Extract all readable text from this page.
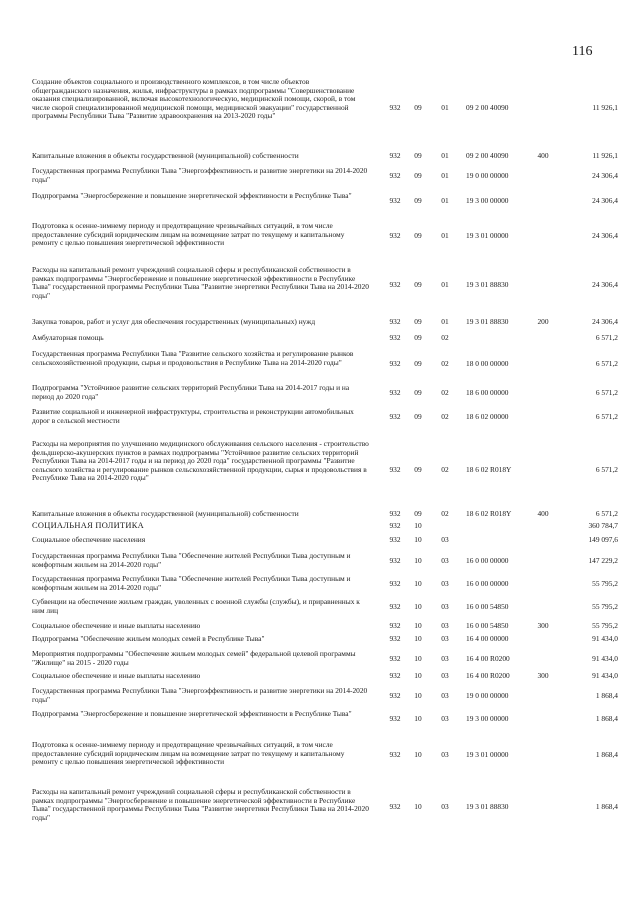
116
Создание объектов социального и производственного комплексов, в том числе объектов общегражданского назначения, жилья, инфраструктуры в рамках подпрограммы "Совершенствование оказания специализированной, включая высокотехнологическую, медицинской помощи, скорой, в том числе скорой специализированной медицинской помощи, медицинской эвакуации" государственной программы Республики Тыва "Развитие здравоохранения на 2013-2020 годы"
932	09	01	09 2 00 40090	11 926,1
Капитальные вложения в объекты государственной (муниципальной) собственности	932	09	01	09 2 00 40090	400	11 926,1
Государственная программа Республики Тыва "Энергоэффективность и развитие энергетики на 2014-2020 годы"	932	09	01	19 0 00 00000	24 306,4
Подпрограмма "Энергосбережение и повышение энергетической эффективности в Республике Тыва"
932	09	01	19 3 00 00000	24 306,4
Подготовка к осенне-зимнему периоду и предотвращение чрезвычайных ситуаций, в том числе предоставление субсидий юридическим лицам на возмещение затрат по текущему и капитальному ремонту с целью повышения энергетической эффективности
932	09	01	19 3 01 00000	24 306,4
Расходы на капитальный ремонт учреждений социальной сферы и республиканской собственности в рамках подпрограммы "Энергосбережение и повышение энергетической эффективности в Республике Тыва" государственной программы Республики Тыва "Развитие энергетики Республики Тыва на 2014-2020 годы"
932	09	01	19 3 01 88830	24 306,4
Закупка товаров, работ и услуг для обеспечения государственных (муниципальных) нужд	932	09	01	19 3 01 88830	200	24 306,4
Амбулаторная помощь	932	09	02	6 571,2
Государственная программа Республики Тыва "Развитие сельского хозяйства и регулирование рынков сельскохозяйственной продукции, сырья и продовольствия в Республике Тыва на 2014-2020 годы"	932	09	02	18 0 00 00000	6 571,2
Подпрограмма "Устойчивое развитие сельских территорий Республики Тыва на 2014-2017 годы и на период до 2020 года"	932	09	02	18 6 00 00000	6 571,2
Развитие социальной и инженерной инфраструктуры, строительства и реконструкции автомобильных дорог в сельской местности	932	09	02	18 6 02 00000	6 571,2
Расходы на мероприятия по улучшению медицинского обслуживания сельского населения - строительство фельдшерско-акушерских пунктов в рамках подпрограммы "Устойчивое развитие сельских территорий Республики Тыва на 2014-2017 годы и на период до 2020 года" государственной программы "Развитие сельского хозяйства и регулирование рынков сельскохозяйственной продукции, сырья и продовольствия в Республике Тыва на 2014-2020 годы"
932	09	02	18 6 02 R018Y	6 571,2
Капитальные вложения в объекты государственной (муниципальной) собственности	932	09	02	18 6 02 R018Y	400	6 571,2
СОЦИАЛЬНАЯ ПОЛИТИКА	932	10	360 784,7
Социальное обеспечение населения	932	10	03	149 097,6
Государственная программа Республики Тыва "Обеспечение жителей Республики Тыва доступным и комфортным жильем на 2014-2020 годы"	932	10	03	16 0 00 00000	147 229,2
Государственная программа Республики Тыва "Обеспечение жителей Республики Тыва доступным и комфортным жильем на 2014-2020 годы"	932	10	03	16 0 00 00000	55 795,2
Субвенции на обеспечение жильем граждан, уволенных с военной службы (службы), и приравненных к ним лиц	932	10	03	16 0 00 54850	55 795,2
Социальное обеспечение и иные выплаты населению	932	10	03	16 0 00 54850	300	55 795,2
Подпрограмма "Обеспечение жильем молодых семей в Республике Тыва"	932	10	03	16 4 00 00000	91 434,0
Мероприятия подпрограммы "Обеспечение жильем молодых семей" федеральной целевой программы "Жилище" на 2015 - 2020 годы	932	10	03	16 4 00 R0200	91 434,0
Социальное обеспечение и иные выплаты населению	932	10	03	16 4 00 R0200	300	91 434,0
Государственная программа Республики Тыва "Энергоэффективность и развитие энергетики на 2014-2020 годы"	932	10	03	19 0 00 00000	1 868,4
Подпрограмма "Энергосбережение и повышение энергетической эффективности в Республике Тыва"
932	10	03	19 3 00 00000	1 868,4
Подготовка к осенне-зимнему периоду и предотвращение чрезвычайных ситуаций, в том числе предоставление субсидий юридическим лицам на возмещение затрат по текущему и капитальному ремонту с целью повышения энергетической эффективности
932	10	03	19 3 01 00000	1 868,4
Расходы на капитальный ремонт учреждений социальной сферы и республиканской собственности в рамках подпрограммы "Энергосбережение и повышение энергетической эффективности в Республике Тыва" государственной программы Республики Тыва "Развитие энергетики Республики Тыва на 2014-2020 годы"
932	10	03	19 3 01 88830	1 868,4
